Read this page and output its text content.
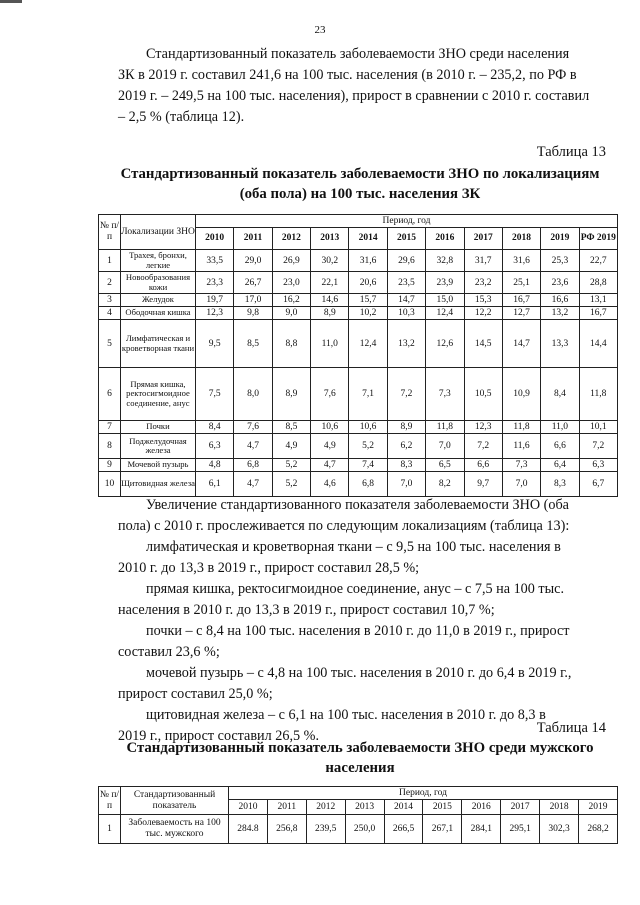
23
Стандартизованный показатель заболеваемости ЗНО среди населения
ЗК в 2019 г. составил 241,6 на 100 тыс. населения (в 2010 г. – 235,2, по РФ в
2019 г. – 249,5 на 100 тыс. населения), прирост в сравнении с 2010 г. составил
– 2,5 % (таблица 12).
Таблица 13
Стандартизованный показатель заболеваемости ЗНО по локализациям
(оба пола) на 100 тыс. населения ЗК
№ п/п	Локализации ЗНО	Период, год										
		2010	2011	2012	2013	2014	2015	2016	2017	2018	2019	РФ 2019
1	Трахея, бронхи, легкие	33,5	29,0	26,9	30,2	31,6	29,6	32,8	31,7	31,6	25,3	22,7
2	Новообразования кожи	23,3	26,7	23,0	22,1	20,6	23,5	23,9	23,2	25,1	23,6	28,8
3	Желудок	19,7	17,0	16,2	14,6	15,7	14,7	15,0	15,3	16,7	16,6	13,1
4	Ободочная кишка	12,3	9,8	9,0	8,9	10,2	10,3	12,4	12,2	12,7	13,2	16,7
5	Лимфатическая и кроветворная ткани	9,5	8,5	8,8	11,0	12,4	13,2	12,6	14,5	14,7	13,3	14,4
6	Прямая кишка, ректосигмоидное соединение, анус	7,5	8,0	8,9	7,6	7,1	7,2	7,3	10,5	10,9	8,4	11,8
7	Почки	8,4	7,6	8,5	10,6	10,6	8,9	11,8	12,3	11,8	11,0	10,1
8	Поджелудочная железа	6,3	4,7	4,9	4,9	5,2	6,2	7,0	7,2	11,6	6,6	7,2
9	Мочевой пузырь	4,8	6,8	5,2	4,7	7,4	8,3	6,5	6,6	7,3	6,4	6,3
10	Щитовидная железа	6,1	4,7	5,2	4,6	6,8	7,0	8,2	9,7	7,0	8,3	6,7
Увеличение стандартизованного показателя заболеваемости ЗНО (оба
пола) с 2010 г. прослеживается по следующим локализациям (таблица 13):
лимфатическая и кроветворная ткани – с 9,5 на 100 тыс. населения в
2010 г. до 13,3 в 2019 г., прирост составил 28,5 %;
прямая кишка, ректосигмоидное соединение, анус – с 7,5 на 100 тыс.
населения в 2010 г. до 13,3 в 2019 г., прирост составил 10,7 %;
почки – с 8,4 на 100 тыс. населения в 2010 г. до 11,0 в 2019 г., прирост
составил 23,6 %;
мочевой пузырь – с 4,8 на 100 тыс. населения в 2010 г. до 6,4 в 2019 г.,
прирост составил 25,0 %;
щитовидная железа – с 6,1 на 100 тыс. населения в 2010 г. до 8,3 в
2019 г., прирост составил 26,5 %.	Таблица 14
Стандартизованный показатель заболеваемости ЗНО среди мужского
населения
№ п/п	Стандартизованный показатель	Период, год									
		2010	2011	2012	2013	2014	2015	2016	2017	2018	2019
1	Заболеваемость на 100 тыс. мужского	284.8	256,8	239,5	250,0	266,5	267,1	284,1	295,1	302,3	268,2
